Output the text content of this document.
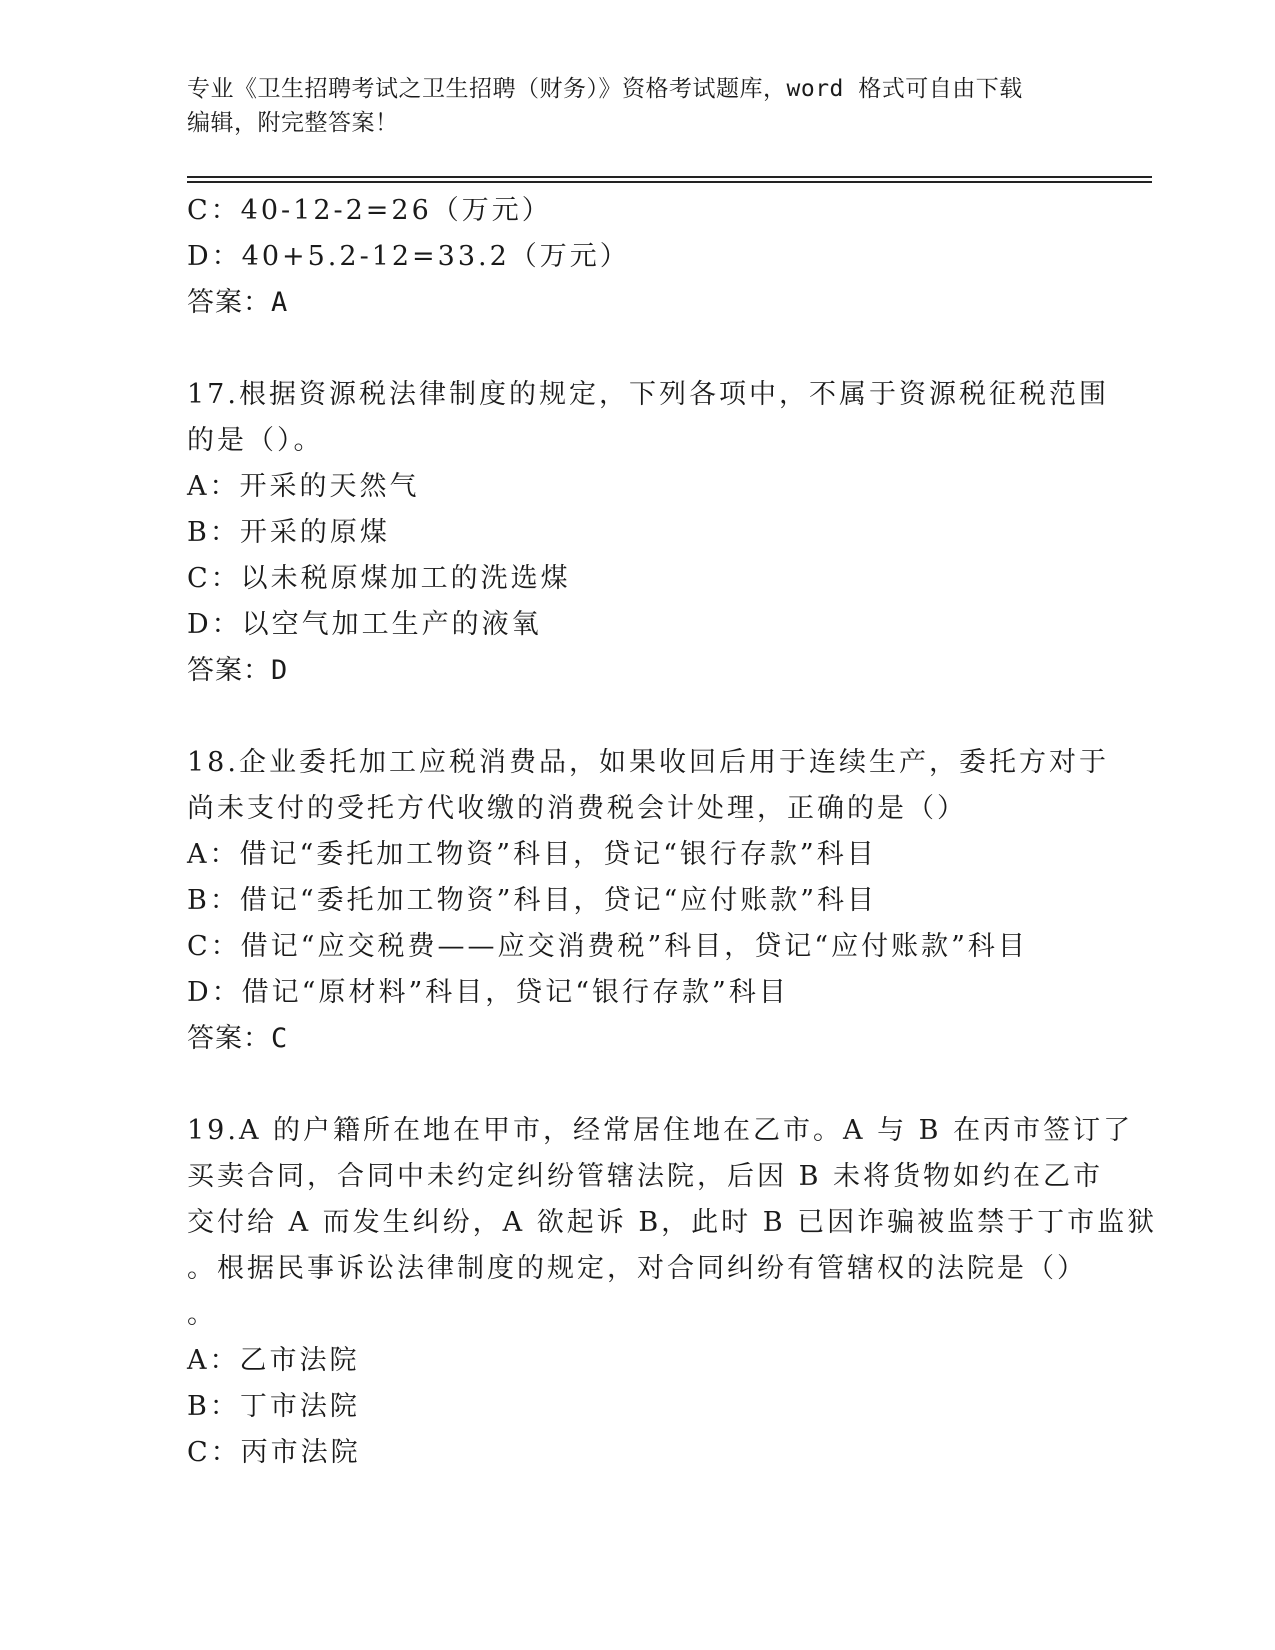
专业《卫生招聘考试之卫生招聘（财务）》资格考试题库，word 格式可自由下载
编辑，附完整答案！
C：40-12-2=26（万元）
D：40+5.2-12=33.2（万元）
答案：A
17.根据资源税法律制度的规定，下列各项中，不属于资源税征税范围
的是（）。
A：开采的天然气
B：开采的原煤
C：以未税原煤加工的洗选煤
D：以空气加工生产的液氧
答案：D
18.企业委托加工应税消费品，如果收回后用于连续生产，委托方对于
尚未支付的受托方代收缴的消费税会计处理，正确的是（）
A：借记“委托加工物资”科目，贷记“银行存款”科目
B：借记“委托加工物资”科目，贷记“应付账款”科目
C：借记“应交税费——应交消费税”科目，贷记“应付账款”科目
D：借记“原材料”科目，贷记“银行存款”科目
答案：C
19.A 的户籍所在地在甲市，经常居住地在乙市。A 与 B 在丙市签订了
买卖合同，合同中未约定纠纷管辖法院，后因 B 未将货物如约在乙市
交付给 A 而发生纠纷，A 欲起诉 B，此时 B 已因诈骗被监禁于丁市监狱
。根据民事诉讼法律制度的规定，对合同纠纷有管辖权的法院是（）
。
A：乙市法院
B：丁市法院
C：丙市法院
